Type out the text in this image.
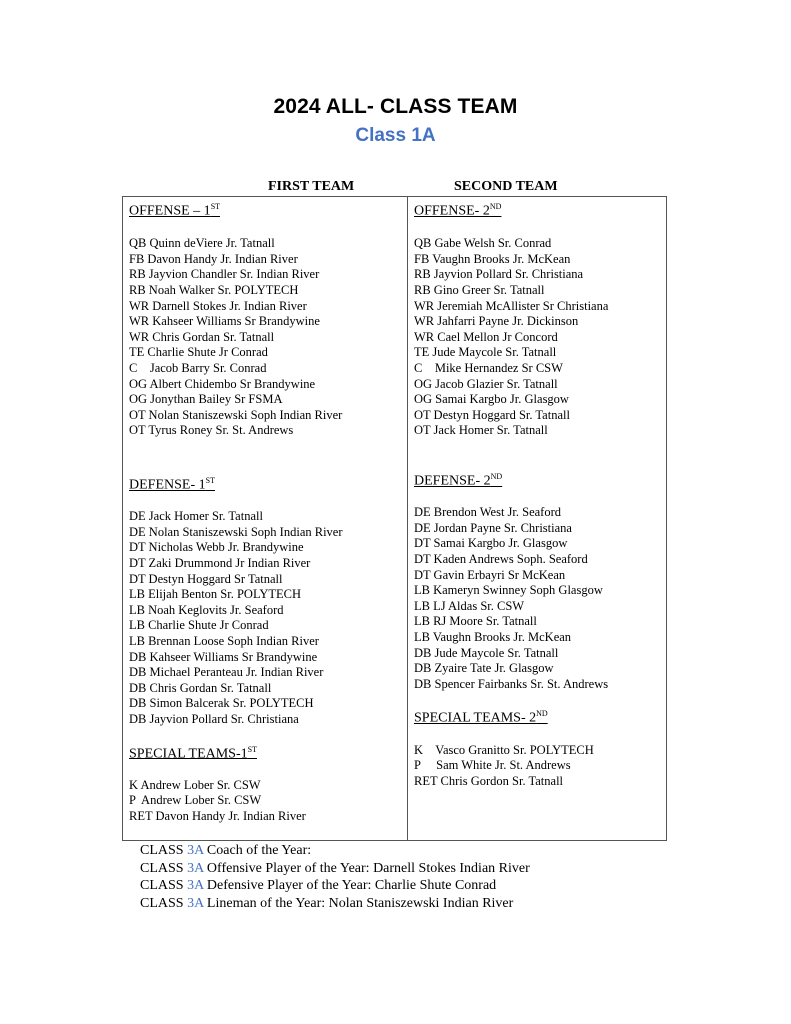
2024 ALL- CLASS TEAM
Class 1A
FIRST TEAM	SECOND TEAM
OFFENSE – 1ST
QB Quinn deViere Jr. Tatnall
FB Davon Handy Jr. Indian River
RB Jayvion Chandler Sr. Indian River
RB Noah Walker Sr. POLYTECH
WR Darnell Stokes Jr. Indian River
WR Kahseer Williams Sr Brandywine
WR Chris Gordan Sr. Tatnall
TE Charlie Shute Jr Conrad
C    Jacob Barry Sr. Conrad
OG Albert Chidembo Sr Brandywine
OG Jonythan Bailey Sr FSMA
OT Nolan Staniszewski Soph Indian River
OT Tyrus Roney Sr. St. Andrews
DEFENSE- 1ST
DE Jack Homer Sr. Tatnall
DE Nolan Staniszewski Soph Indian River
DT Nicholas Webb Jr. Brandywine
DT Zaki Drummond Jr Indian River
DT Destyn Hoggard Sr Tatnall
LB Elijah Benton Sr. POLYTECH
LB Noah Keglovits Jr. Seaford
LB Charlie Shute Jr Conrad
LB Brennan Loose Soph Indian River
DB Kahseer Williams Sr Brandywine
DB Michael Peranteau Jr. Indian River
DB Chris Gordan Sr. Tatnall
DB Simon Balcerak Sr. POLYTECH
DB Jayvion Pollard Sr. Christiana
SPECIAL TEAMS-1ST
K Andrew Lober Sr. CSW
P  Andrew Lober Sr. CSW
RET Davon Handy Jr. Indian River
OFFENSE- 2ND
QB Gabe Welsh Sr. Conrad
FB Vaughn Brooks Jr. McKean
RB Jayvion Pollard Sr. Christiana
RB Gino Greer Sr. Tatnall
WR Jeremiah McAllister Sr Christiana
WR Jahfarri Payne Jr. Dickinson
WR Cael Mellon Jr Concord
TE Jude Maycole Sr. Tatnall
C    Mike Hernandez Sr CSW
OG Jacob Glazier Sr. Tatnall
OG Samai Kargbo Jr. Glasgow
OT Destyn Hoggard Sr. Tatnall
OT Jack Homer Sr. Tatnall
DEFENSE- 2ND
DE Brendon West Jr. Seaford
DE Jordan Payne Sr. Christiana
DT Samai Kargbo Jr. Glasgow
DT Kaden Andrews Soph. Seaford
DT Gavin Erbayri Sr McKean
LB Kameryn Swinney Soph Glasgow
LB LJ Aldas Sr. CSW
LB RJ Moore Sr. Tatnall
LB Vaughn Brooks Jr. McKean
DB Jude Maycole Sr. Tatnall
DB Zyaire Tate Jr. Glasgow
DB Spencer Fairbanks Sr. St. Andrews
SPECIAL TEAMS- 2ND
K    Vasco Granitto Sr. POLYTECH
P     Sam White Jr. St. Andrews
RET Chris Gordon Sr. Tatnall
CLASS 3A Coach of the Year:
CLASS 3A Offensive Player of the Year: Darnell Stokes Indian River
CLASS 3A Defensive Player of the Year: Charlie Shute Conrad
CLASS 3A Lineman of the Year: Nolan Staniszewski Indian River
